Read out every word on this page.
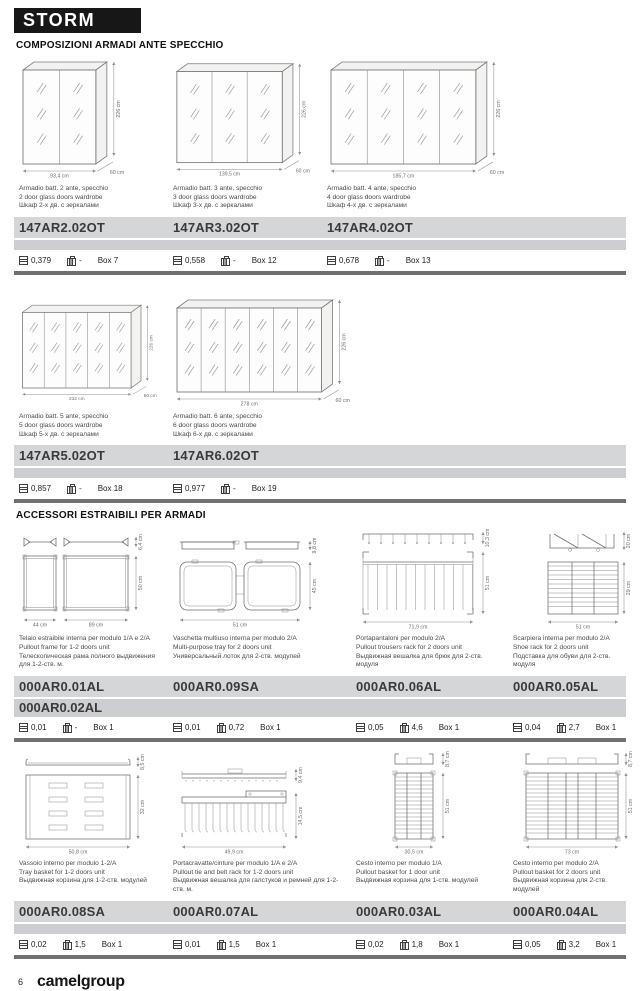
STORM
COMPOSIZIONI ARMADI ANTE SPECCHIO
93,4 cm
60 cm
226 cm
139,5 cm
60 cm
226 cm
185,7 cm
60 cm
226 cm
Armadio batt. 2 ante, specchio
2 door glass doors wardrobe
Шкаф 2-х дв. с зеркалами
Armadio batt. 3 ante, specchio
3 door glass doors wardrobe
Шкаф 3-х дв. с зеркалами
Armadio batt. 4 ante, specchio
4 door glass doors wardrobe
Шкаф 4-х дв. с зеркалами
147AR2.02OT	147AR3.02OT	147AR4.02OT
0,379	- Box 7	0,558	- Box 12	0,678	- Box 13
232 cm
60 cm
226 cm
278 cm
60 cm
226 cm
Armadio batt. 5 ante, specchio
5 door glass doors wardrobe
Шкаф 5-х дв. с зеркалами
Armadio batt. 6 ante, specchio
6 door glass doors wardrobe
Шкаф 6-х дв. с зеркалами
147AR5.02OT	147AR6.02OT
0,857	- Box 18	0,977	- Box 19
ACCESSORI ESTRAIBILI PER ARMADI
6,4 cm
50 cm
44 cm	89 cm
9,8 cm
45 cm
51 cm
10,3 cm
71,9 cm
51 cm
20 cm
51 cm
29 cm
Telaio estraibile interna per modulo 1/A e 2/A
Pullout frame for 1-2 doors unit
Телескопическая рама полного выдвижения для 1-2-ств. м.
Vaschetta multiuso interna per modulo 2/A
Multi-purpose tray for 2 doors unit
Универсальный лоток для 2-ств. модулей
Portapantaloni per modulo 2/A
Pullout trousers rack for 2 doors unit
Выдвижная вешалка для брюк для 2-ств. модуля
Scarpiera interna per modulo 2/A
Shoe rack for 2 doors unit
Подставка для обуви для 2-ств. модуля
000AR0.01AL	000AR0.09SA	000AR0.06AL	000AR0.05AL
000AR0.02AL
0,01	- Box 1	0,01	0,72 Box 1	0,05	4,6 Box 1	0,04	2,7 Box 1
8,5 cm
50,8 cm
32 cm
9,4 cm
49,9 cm
14,5 cm
8,7 cm
30,5 cm
51 cm
8,7 cm
73 cm
51 cm
Vassoio interno per modulo 1-2/A
Tray basket for 1-2 doors unit
Выдвижная корзина для 1-2-ств. модулей
Portacravatte/cinture per modulo 1/A e 2/A
Pullout tie and belt rack for 1-2 doors unit
Выдвижная вешалка для галстуков и ремней для 1-2-ств. м.
Cesto interno per modulo 1/A
Pullout basket for 1 door unit
Выдвижная корзина для 1-ств. модулей
Cesto interno per modulo 2/A
Pullout basket for 2 doors unit
Выдвижная корзина для 2-ств. модулей
000AR0.08SA	000AR0.07AL	000AR0.03AL	000AR0.04AL
0,02	1,5 Box 1	0,01	1,5 Box 1	0,02	1,8 Box 1	0,05	3,2 Box 1
6 camelgroup
